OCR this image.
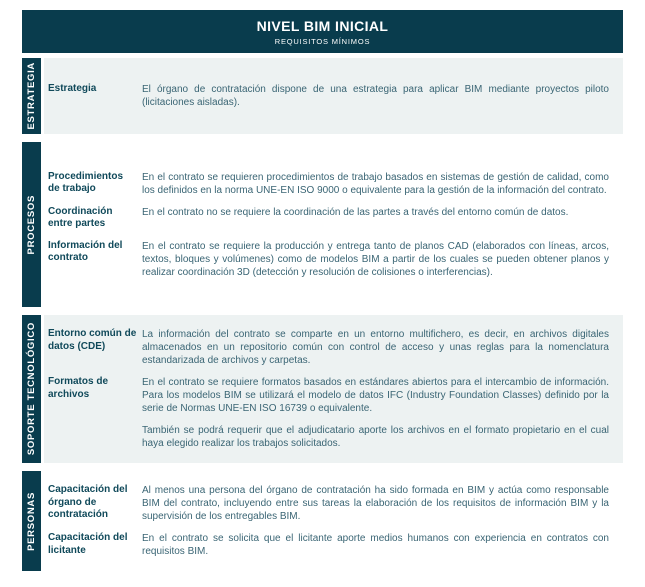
NIVEL BIM INICIAL
REQUISITOS MÍNIMOS
ESTRATEGIA Estrategia	El órgano de contratación dispone de una estrategia para aplicar BIM mediante proyectos piloto (licitaciones aisladas).

PROCESOS
Procedimientos de trabajo

En el contrato se requieren procedimientos de trabajo basados en sistemas de gestión de calidad, como los definidos en la norma UNE-EN ISO 9000 o equivalente para la gestión de la información del contrato.

Coordinación entre partes

En el contrato no se requiere la coordinación de las partes a través del entorno común de datos.

Información del contrato

En el contrato se requiere la producción y entrega tanto de planos CAD (elaborados con líneas, arcos, textos, bloques y volúmenes) como de modelos BIM a partir de los cuales se pueden obtener planos y realizar coordinación 3D (detección y resolución de colisiones o interferencias).

SOPORTE TECNOLÓGICO Entorno común de datos (CDE)

La información del contrato se comparte en un entorno multifichero, es decir, en archivos digitales almacenados en un repositorio común con control de acceso y unas reglas para la nomenclatura estandarizada de archivos y carpetas.

Formatos de archivos

En el contrato se requiere formatos basados en estándares abiertos para el intercambio de información. Para los modelos BIM se utilizará el modelo de datos IFC (Industry Foundation Classes) definido por la serie de Normas UNE-EN ISO 16739 o equivalente.

También se podrá requerir que el adjudicatario aporte los archivos en el formato propietario en el cual haya elegido realizar los trabajos solicitados.

PERSONAS
Capacitación del órgano de contratación

Al menos una persona del órgano de contratación ha sido formada en BIM y actúa como responsable BIM del contrato, incluyendo entre sus tareas la elaboración de los requisitos de información BIM y la supervisión de los entregables BIM.

Capacitación del licitante

En el contrato se solicita que el licitante aporte medios humanos con experiencia en contratos con requisitos BIM.
